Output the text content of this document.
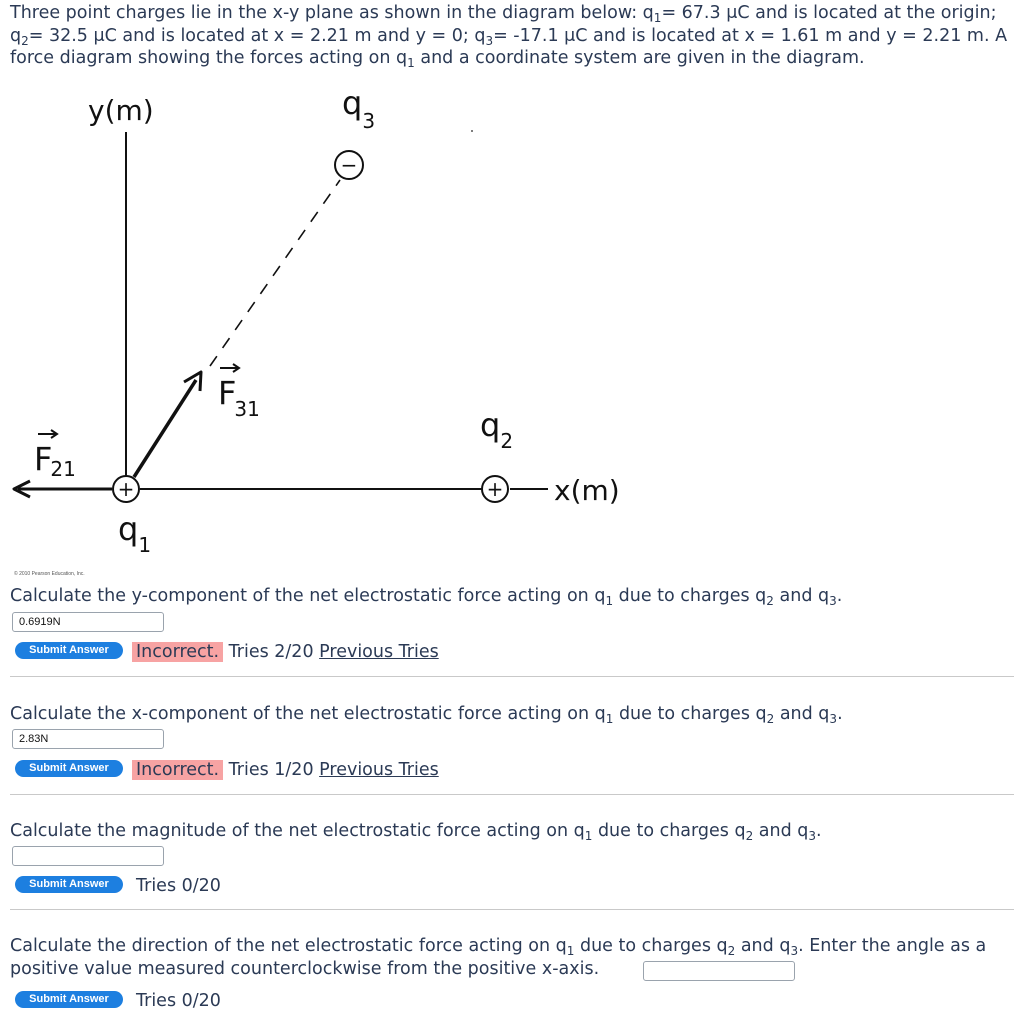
Three point charges lie in the x-y plane as shown in the diagram below: $q_1= 67.3$ μC and is located at the origin; $q_2= 32.5$ μC and is located at x = 2.21 m and y = 0; $q_3= -17.1$ μC and is located at x = 1.61 m and y = 2.21 m. A force diagram showing the forces acting on $q_1$ and a coordinate system are given in the diagram.
+	+
−
y(m)
x(m)
$q_3$
$q_2$
$q_1$
F21
F31
© 2010 Pearson Education, Inc.
Calculate the y-component of the net electrostatic force acting on $q_1$ due to charges $q_2$ and $q_3$.
0.6919N
Submit Answer	Incorrect. Tries 2/20 Previous Tries
Calculate the x-component of the net electrostatic force acting on $q_1$ due to charges $q_2$ and $q_3$.
2.83N
Submit Answer	Incorrect. Tries 1/20 Previous Tries
Calculate the magnitude of the net electrostatic force acting on $q_1$ due to charges $q_2$ and $q_3$.
Submit Answer	Tries 0/20
Calculate the direction of the net electrostatic force acting on $q_1$ due to charges $q_2$ and $q_3$. Enter the angle as a positive value measured counterclockwise from the positive x-axis.
Submit Answer	Tries 0/20
